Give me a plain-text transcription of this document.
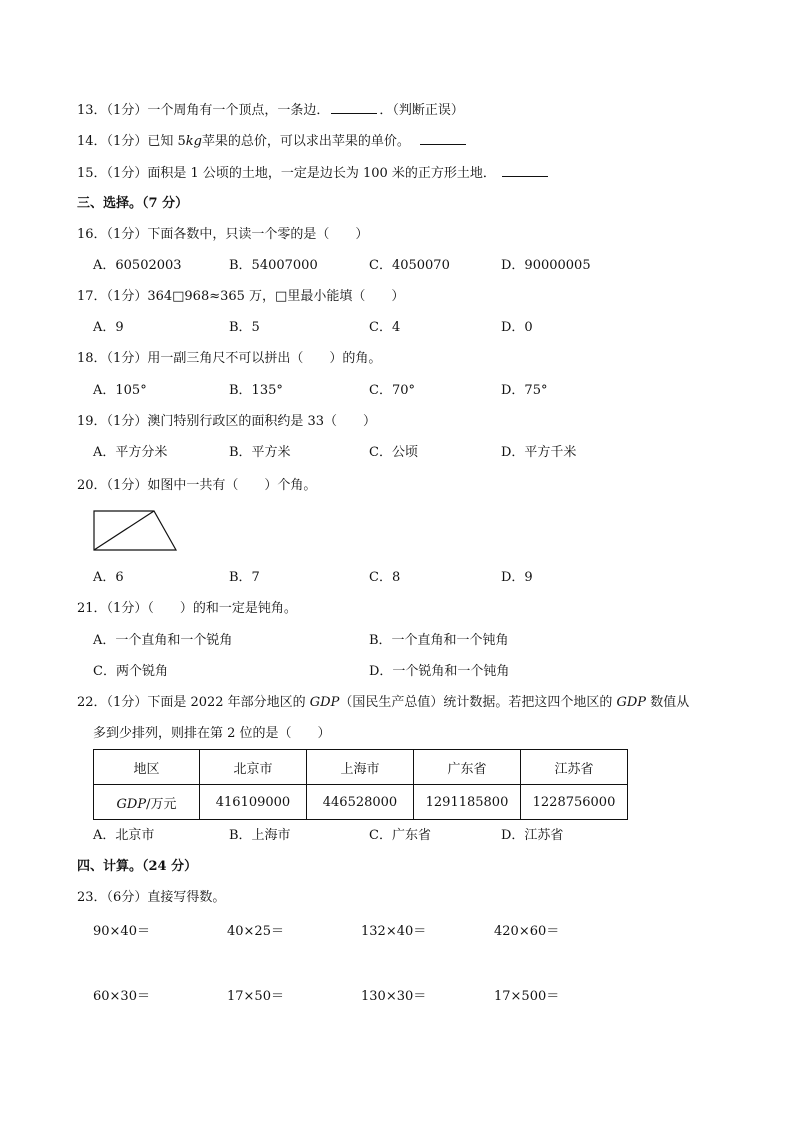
13．（1分）一个周角有一个顶点，一条边．	．（判断正误）
14．（1分）已知 5kg苹果的总价，可以求出苹果的单价。
15．（1分）面积是 1 公顷的土地，一定是边长为 100 米的正方形土地．
三、选择。（7 分）
16．（1分）下面各数中，只读一个零的是（　　）
A．60502003	B．54007000	C．4050070	D．90000005
17．（1分）364□968≈365 万，□里最小能填（　　）
A．9	B．5	C．4	D．0
18．（1分）用一副三角尺不可以拼出（　　）的角。
A．105°	B．135°	C．70°	D．75°
19．（1分）澳门特别行政区的面积约是 33（　　）
A．平方分米	B．平方米	C．公顷	D．平方千米
20．（1分）如图中一共有（　　）个角。
A．6	B．7	C．8	D．9
21．（1分）（　　）的和一定是钝角。
A．一个直角和一个锐角	B．一个直角和一个钝角
C．两个锐角	D．一个锐角和一个钝角
22．（1分）下面是 2022 年部分地区的 GDP（国民生产总值）统计数据。若把这四个地区的 GDP 数值从
多到少排列，则排在第 2 位的是（　　）
地区	北京市	上海市	广东省	江苏省
GDP/万元	416109000	446528000	1291185800	1228756000
A．北京市	B．上海市	C．广东省	D．江苏省
四、计算。（24 分）
23．（6分）直接写得数。
90×40＝	40×25＝	132×40＝	420×60＝
60×30＝	17×50＝	130×30＝	17×500＝
